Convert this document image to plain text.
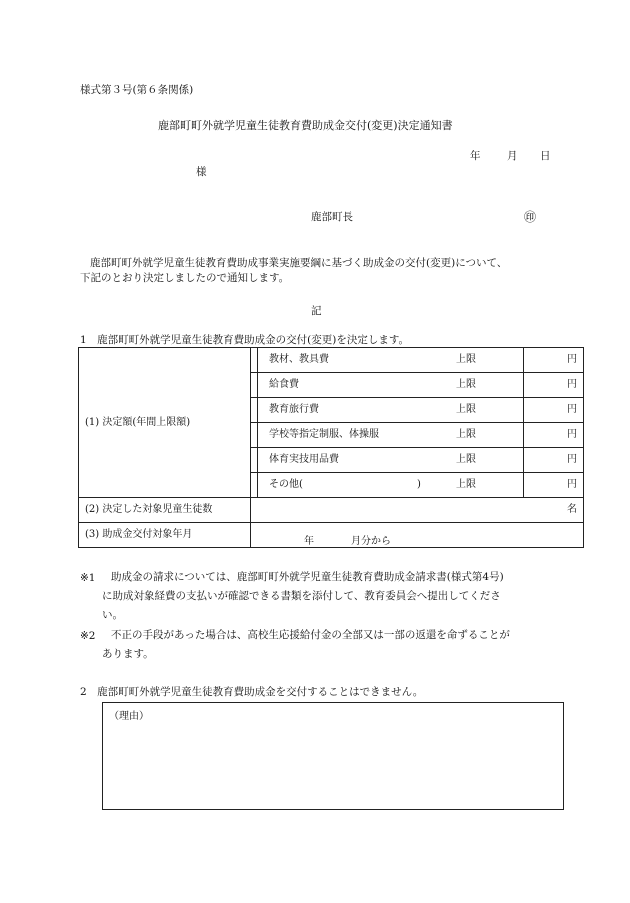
様式第３号(第６条関係)
鹿部町町外就学児童生徒教育費助成金交付(変更)決定通知書
年	月 日
様
鹿部町長	㊞
鹿部町町外就学児童生徒教育費助成事業実施要綱に基づく助成金の交付(変更)について、
下記のとおり決定しましたので通知します。
記
1　鹿部町町外就学児童生徒教育費助成金の交付(変更)を決定します。
(1) 決定額(年間上限額)	教材、教具費 上限	円

給食費 上限	円

教育旅行費 上限	円

学校等指定制服、体操服 上限	円

体育実技用品費 上限	円

その他( ) 上限	円
(2) 決定した対象児童生徒数	名	
(3) 助成金交付対象年月	年 月分から	
※1 助成金の請求については、鹿部町町外就学児童生徒教育費助成金請求書(様式第4号)
に助成対象経費の支払いが確認できる書類を添付して、教育委員会へ提出してくださ
い。
※2 不正の手段があった場合は、高校生応援給付金の全部又は一部の返還を命ずることが
あります。
2　鹿部町町外就学児童生徒教育費助成金を交付することはできません。
（理由）
